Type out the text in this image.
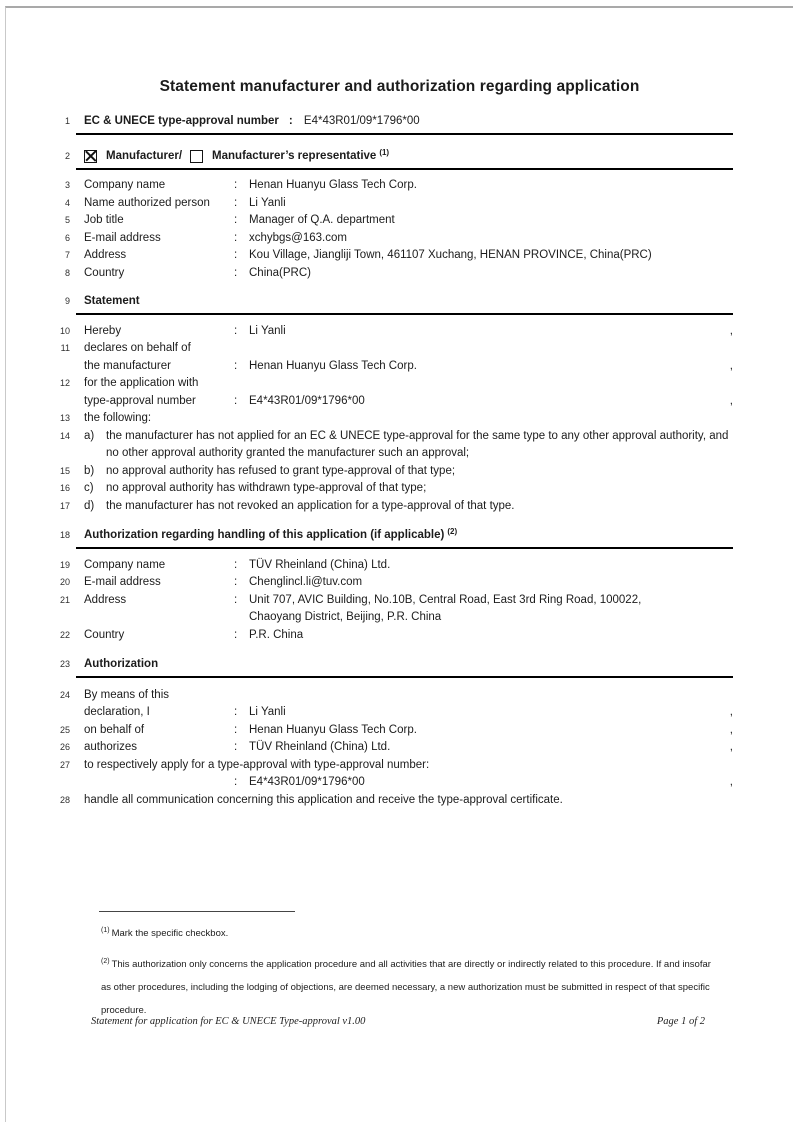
Statement manufacturer and authorization regarding application
1 EC & UNECE type-approval number : E4*43R01/09*1796*00
2	Manufacturer/	Manufacturer’s representative $^{(1)}$
3 Company name	:	Henan Huanyu Glass Tech Corp.
4 Name authorized person	:	Li Yanli
5 Job title	:	Manager of Q.A. department
6 E-mail address	:	xchybgs@163.com
7 Address	:	Kou Village, Jiangliji Town, 461107 Xuchang, HENAN PROVINCE, China(PRC)
8 Country	:	China(PRC)
9 Statement
10 Hereby	:	Li Yanli	,
11 declares on behalf of
the manufacturer	:	Henan Huanyu Glass Tech Corp.	,
12 for the application with
type-approval number	:	E4*43R01/09*1796*00	,
13 the following:
14 a)	the manufacturer has not applied for an EC & UNECE type-approval for the same type to any other approval authority, and no other approval authority granted the manufacturer such an approval;
15 b)	no approval authority has refused to grant type-approval of that type;
16 c)	no approval authority has withdrawn type-approval of that type;
17 d)	the manufacturer has not revoked an application for a type-approval of that type.
18 Authorization regarding handling of this application (if applicable) $^{(2)}$
19 Company name	:	TÜV Rheinland (China) Ltd.
20 E-mail address	:	Chenglincl.li@tuv.com
21 Address	:	Unit 707, AVIC Building, No.10B, Central Road, East 3rd Ring Road, 100022,
Chaoyang District, Beijing, P.R. China
22 Country	:	P.R. China
23 Authorization
24 By means of this
declaration, I	:	Li Yanli	,
25 on behalf of	:	Henan Huanyu Glass Tech Corp.	,
26 authorizes	:	TÜV Rheinland (China) Ltd.	,
27 to respectively apply for a type-approval with type-approval number:
:	E4*43R01/09*1796*00	,
28 handle all communication concerning this application and receive the type-approval certificate.
$^{(1)}$ Mark the specific checkbox.
$^{(2)}$ This authorization only concerns the application procedure and all activities that are directly or indirectly related to this procedure. If and insofar as other procedures, including the lodging of objections, are deemed necessary, a new authorization must be submitted in respect of that specific procedure.
Statement for application for EC & UNECE Type-approval v1.00	Page 1 of 2
